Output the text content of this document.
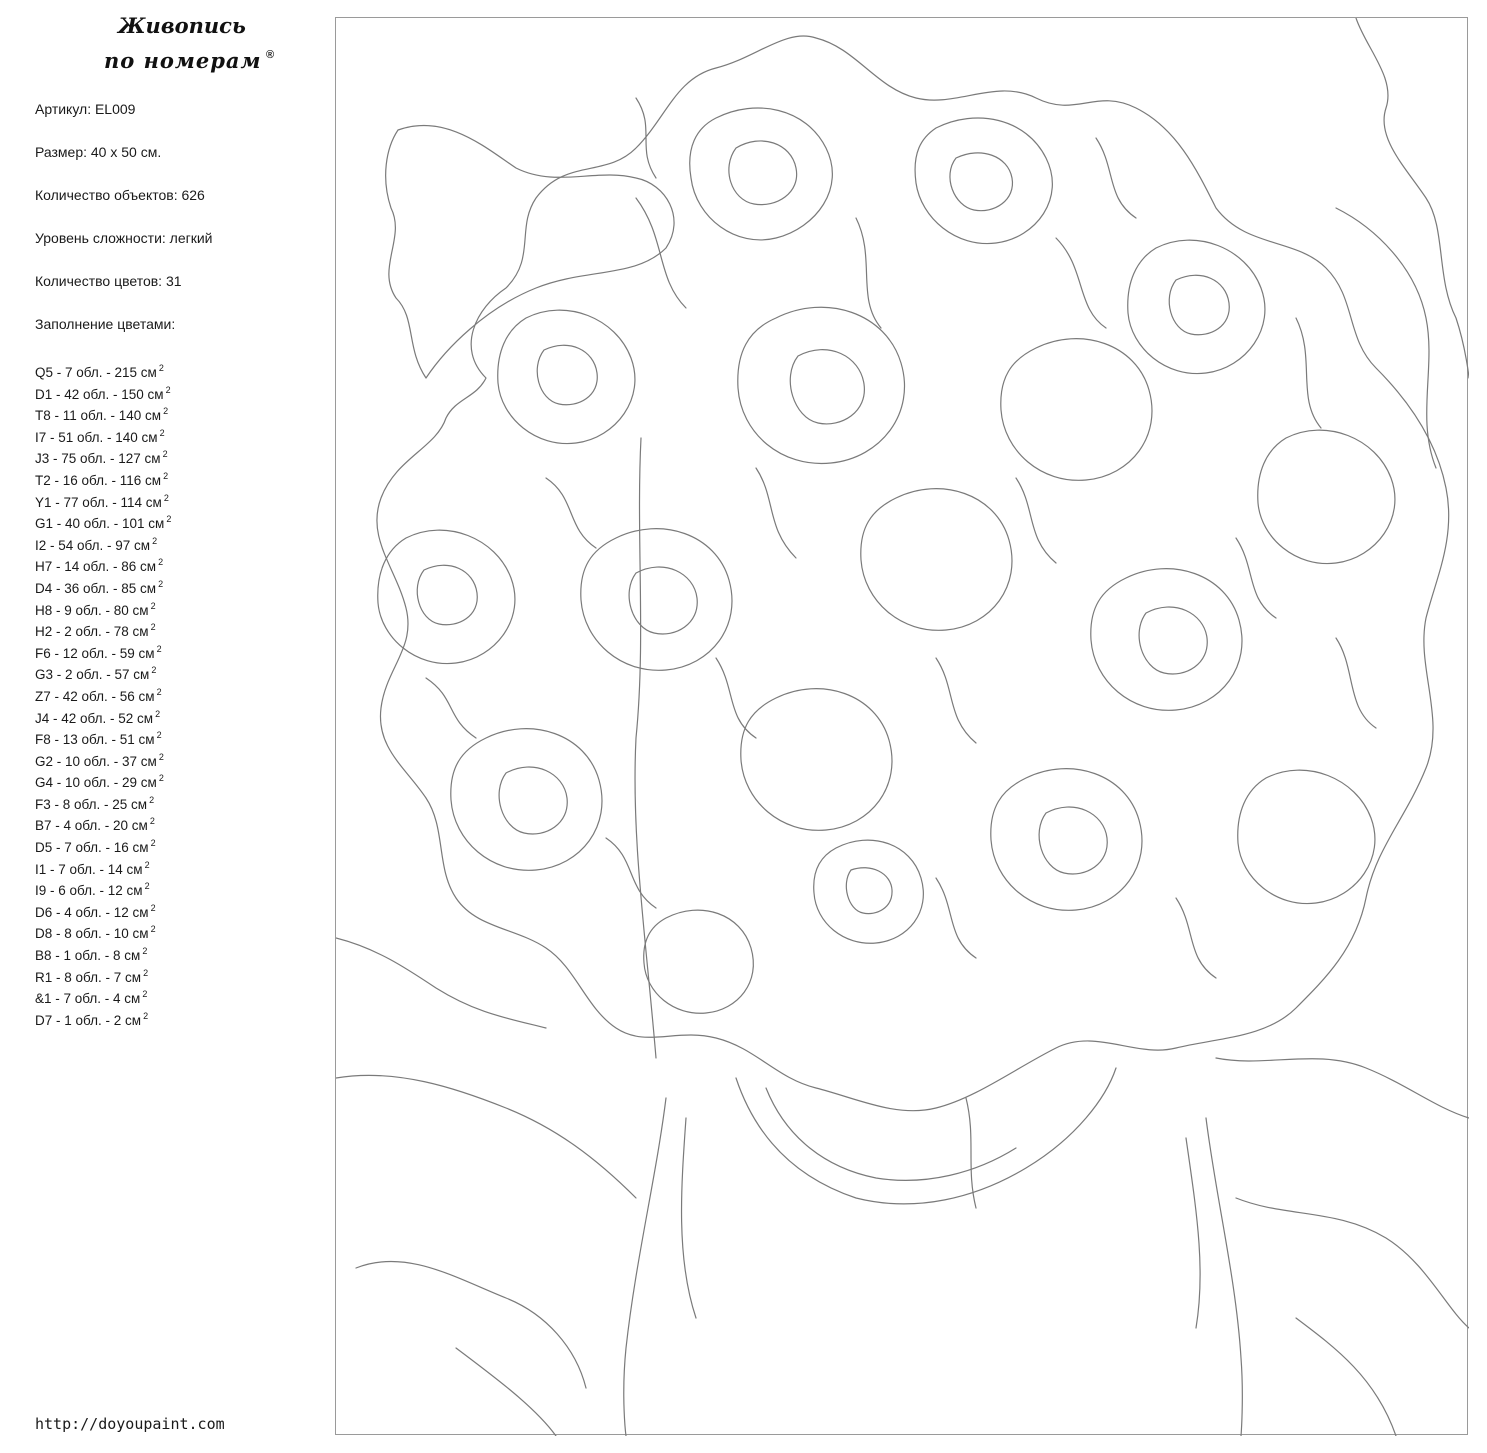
Живопись
по номерам ®
Артикул: EL009
Размер: 40 x 50 см.
Количество объектов: 626
Уровень сложности: легкий
Количество цветов: 31
Заполнение цветами:
Q5 - 7 обл. - 215 см $^2$
D1 - 42 обл. - 150 см $^2$
T8 - 11 обл. - 140 см $^2$
I7 - 51 обл. - 140 см $^2$
J3 - 75 обл. - 127 см $^2$
T2 - 16 обл. - 116 см $^2$
Y1 - 77 обл. - 114 см $^2$
G1 - 40 обл. - 101 см $^2$
I2 - 54 обл. - 97 см $^2$
H7 - 14 обл. - 86 см $^2$
D4 - 36 обл. - 85 см $^2$
H8 - 9 обл. - 80 см $^2$
H2 - 2 обл. - 78 см $^2$
F6 - 12 обл. - 59 см $^2$
G3 - 2 обл. - 57 см $^2$
Z7 - 42 обл. - 56 см $^2$
J4 - 42 обл. - 52 см $^2$
F8 - 13 обл. - 51 см $^2$
G2 - 10 обл. - 37 см $^2$
G4 - 10 обл. - 29 см $^2$
F3 - 8 обл. - 25 см $^2$
B7 - 4 обл. - 20 см $^2$
D5 - 7 обл. - 16 см $^2$
I1 - 7 обл. - 14 см $^2$
I9 - 6 обл. - 12 см $^2$
D6 - 4 обл. - 12 см $^2$
D8 - 8 обл. - 10 см $^2$
B8 - 1 обл. - 8 см $^2$
R1 - 8 обл. - 7 см $^2$
&1 - 7 обл. - 4 см $^2$
D7 - 1 обл. - 2 см $^2$
http://doyoupaint.com
